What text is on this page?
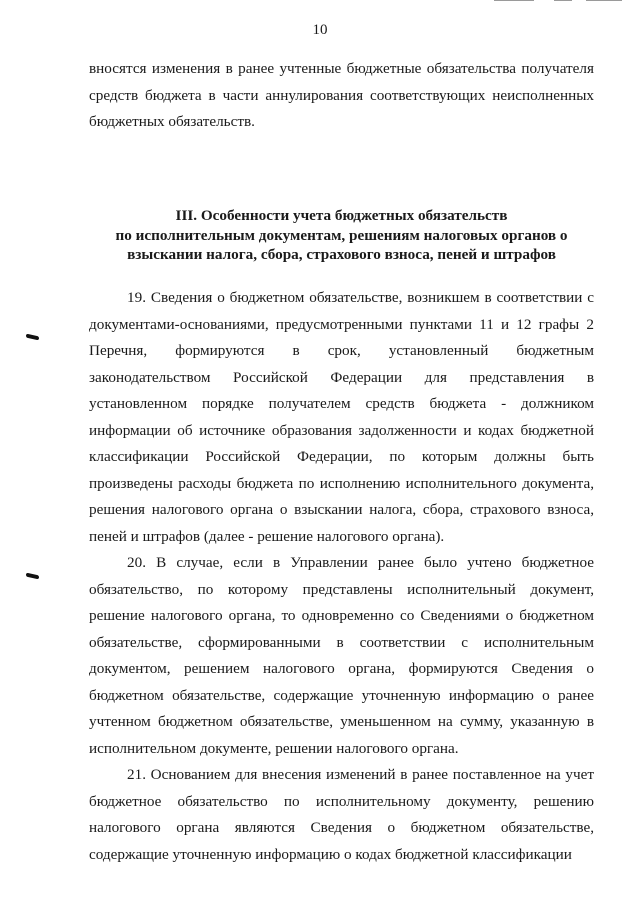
10

вносятся изменения в ранее учтенные бюджетные обязательства получателя средств бюджета в части аннулирования соответствующих неисполненных бюджетных обязательств.

III. Особенности учета бюджетных обязательств
по исполнительным документам, решениям налоговых органов о
взыскании налога, сбора, страхового взноса, пеней и штрафов

19. Сведения о бюджетном обязательстве, возникшем в соответствии с документами-основаниями, предусмотренными пунктами 11 и 12 графы 2 Перечня, формируются в срок, установленный бюджетным законодательством Российской Федерации для представления в установленном порядке получателем средств бюджета - должником информации об источнике образования задолженности и кодах бюджетной классификации Российской Федерации, по которым должны быть произведены расходы бюджета по исполнению исполнительного документа, решения налогового органа о взыскании налога, сбора, страхового взноса, пеней и штрафов (далее - решение налогового органа).

20. В случае, если в Управлении ранее было учтено бюджетное обязательство, по которому представлены исполнительный документ, решение налогового органа, то одновременно со Сведениями о бюджетном обязательстве, сформированными в соответствии с исполнительным документом, решением налогового органа, формируются Сведения о бюджетном обязательстве, содержащие уточненную информацию о ранее учтенном бюджетном обязательстве, уменьшенном на сумму, указанную в исполнительном документе, решении налогового органа.

21. Основанием для внесения изменений в ранее поставленное на учет бюджетное обязательство по исполнительному документу, решению налогового органа являются Сведения о бюджетном обязательстве, содержащие уточненную информацию о кодах бюджетной классификации
